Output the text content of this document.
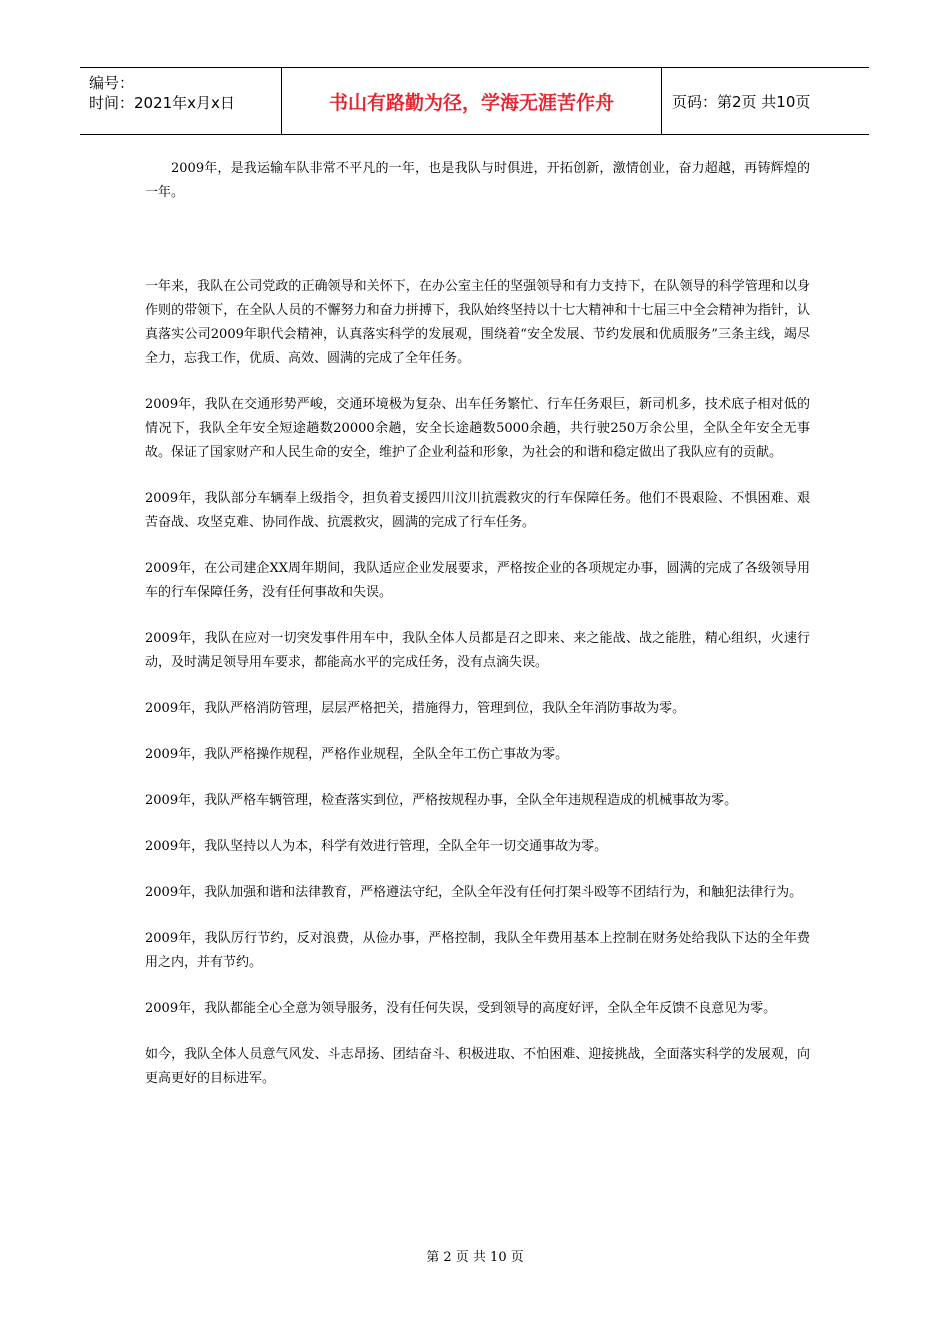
编号：
时间：2021年x月x日	书山有路勤为径，学海无涯苦作舟	页码：第2页 共10页

2009年，是我运输车队非常不平凡的一年，也是我队与时俱进，开拓创新，激情创业，奋力超越，再铸辉煌的一年。

一年来，我队在公司党政的正确领导和关怀下，在办公室主任的坚强领导和有力支持下，在队领导的科学管理和以身作则的带领下，在全队人员的不懈努力和奋力拼搏下，我队始终坚持以十七大精神和十七届三中全会精神为指针，认真落实公司2009年职代会精神，认真落实科学的发展观，围绕着“安全发展、节约发展和优质服务”三条主线，竭尽全力，忘我工作，优质、高效、圆满的完成了全年任务。

2009年，我队在交通形势严峻，交通环境极为复杂、出车任务繁忙、行车任务艰巨，新司机多，技术底子相对低的情况下，我队全年安全短途趟数20000余趟，安全长途趟数5000余趟，共行驶250万余公里，全队全年安全无事故。保证了国家财产和人民生命的安全，维护了企业利益和形象，为社会的和谐和稳定做出了我队应有的贡献。

2009年，我队部分车辆奉上级指令，担负着支援四川汶川抗震救灾的行车保障任务。他们不畏艰险、不惧困难、艰苦奋战、攻坚克难、协同作战、抗震救灾，圆满的完成了行车任务。

2009年，在公司建企XX周年期间，我队适应企业发展要求，严格按企业的各项规定办事，圆满的完成了各级领导用车的行车保障任务，没有任何事故和失误。

2009年，我队在应对一切突发事件用车中，我队全体人员都是召之即来、来之能战、战之能胜，精心组织，火速行动，及时满足领导用车要求，都能高水平的完成任务，没有点滴失误。

2009年，我队严格消防管理，层层严格把关，措施得力，管理到位，我队全年消防事故为零。

2009年，我队严格操作规程，严格作业规程，全队全年工伤亡事故为零。

2009年，我队严格车辆管理，检查落实到位，严格按规程办事，全队全年违规程造成的机械事故为零。

2009年，我队坚持以人为本，科学有效进行管理，全队全年一切交通事故为零。

2009年，我队加强和谐和法律教育，严格遵法守纪，全队全年没有任何打架斗殴等不团结行为，和触犯法律行为。

2009年，我队厉行节约，反对浪费，从俭办事，严格控制，我队全年费用基本上控制在财务处给我队下达的全年费用之内，并有节约。

2009年，我队都能全心全意为领导服务，没有任何失误，受到领导的高度好评，全队全年反馈不良意见为零。

如今，我队全体人员意气风发、斗志昂扬、团结奋斗、积极进取、不怕困难、迎接挑战，全面落实科学的发展观，向更高更好的目标进军。

第 2 页 共 10 页
